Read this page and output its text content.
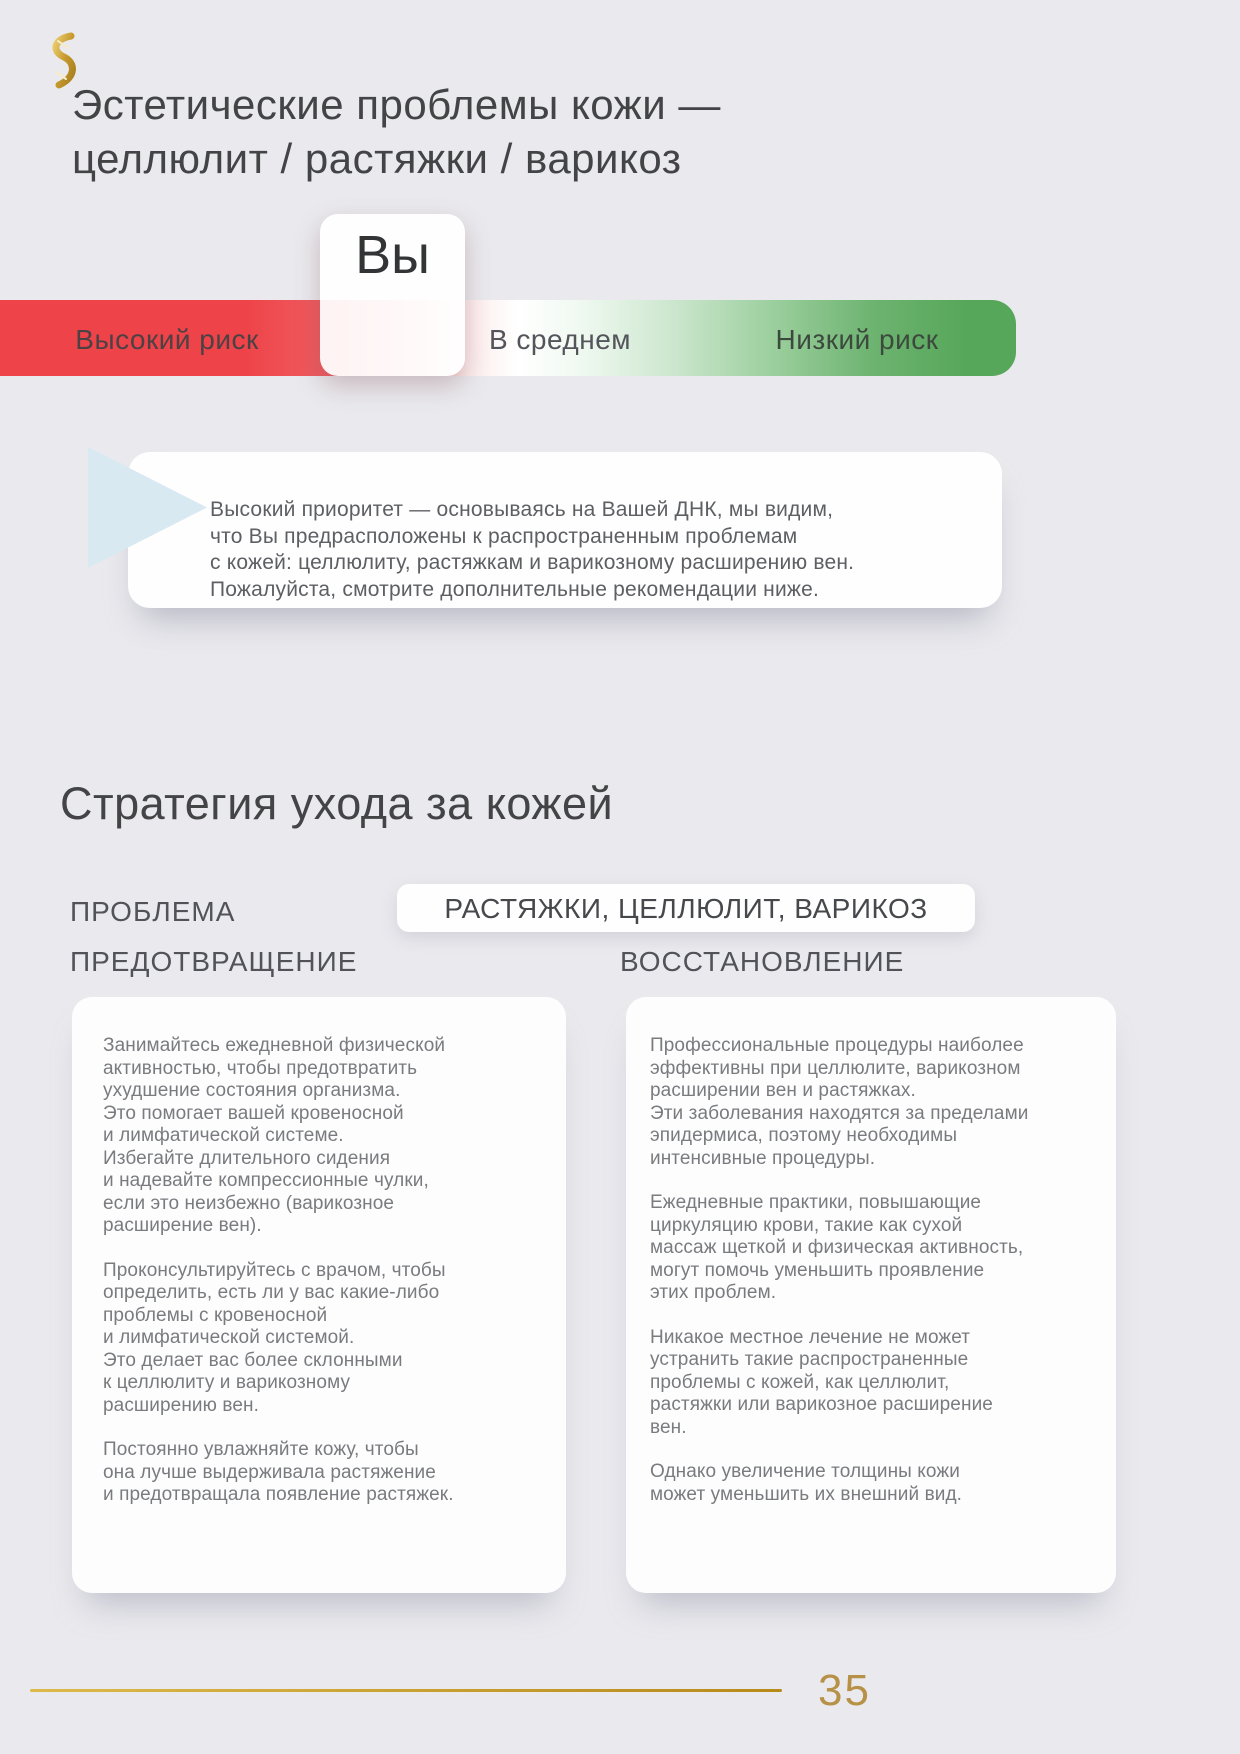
Эстетические проблемы кожи —
целлюлит / растяжки / варикоз
Высокий риск	В среднем	Низкий риск
Вы
Высокий приоритет — основываясь на Вашей ДНК, мы видим,
что Вы предрасположены к распространенным проблемам
с кожей: целлюлиту, растяжкам и варикозному расширению вен.
Пожалуйста, смотрите дополнительные рекомендации ниже.
Стратегия ухода за кожей
ПРОБЛЕМА	РАСТЯЖКИ, ЦЕЛЛЮЛИТ, ВАРИКОЗ
ПРЕДОТВРАЩЕНИЕ	ВОССТАНОВЛЕНИЕ

Занимайтесь ежедневной физической
активностью, чтобы предотвратить
ухудшение состояния организма.
Это помогает вашей кровеносной
и лимфатической системе.
Избегайте длительного сидения
и надевайте компрессионные чулки,
если это неизбежно (варикозное
расширение вен).

Проконсультируйтесь с врачом, чтобы
определить, есть ли у вас какие-либо
проблемы с кровеносной
и лимфатической системой.
Это делает вас более склонными
к целлюлиту и варикозному
расширению вен.

Постоянно увлажняйте кожу, чтобы
она лучше выдерживала растяжение
и предотвращала появление растяжек.

Профессиональные процедуры наиболее
эффективны при целлюлите, варикозном
расширении вен и растяжках.
Эти заболевания находятся за пределами
эпидермиса, поэтому необходимы
интенсивные процедуры.

Ежедневные практики, повышающие
циркуляцию крови, такие как сухой
массаж щеткой и физическая активность,
могут помочь уменьшить проявление
этих проблем.

Никакое местное лечение не может
устранить такие распространенные
проблемы с кожей, как целлюлит,
растяжки или варикозное расширение
вен.

Однако увеличение толщины кожи
может уменьшить их внешний вид.

35
